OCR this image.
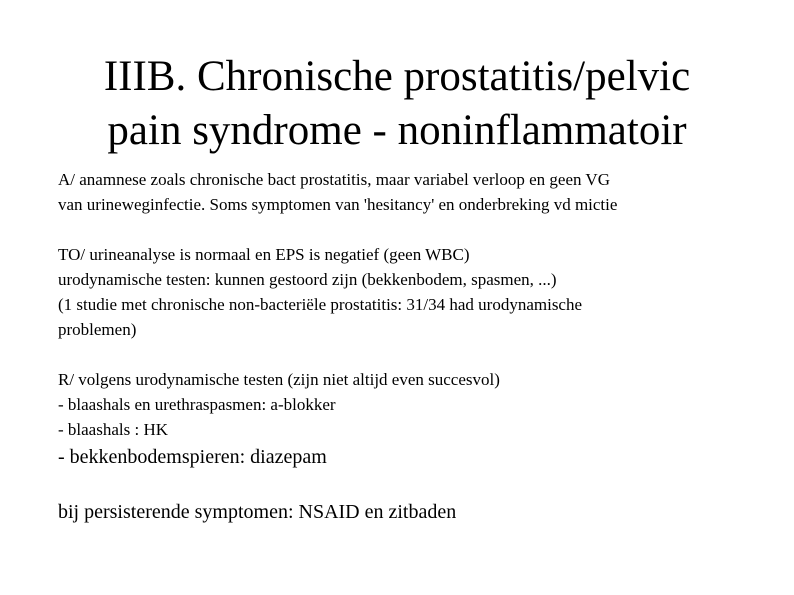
IIIB. Chronische prostatitis/pelvic
pain syndrome - noninflammatoir
A/ anamnese zoals chronische bact prostatitis, maar variabel verloop en geen VG
van urineweginfectie. Soms symptomen van 'hesitancy' en onderbreking vd mictie
TO/ urineanalyse is normaal en EPS is negatief (geen WBC)
urodynamische testen: kunnen gestoord zijn (bekkenbodem, spasmen, ...)
(1 studie met chronische non-bacteriële prostatitis: 31/34 had urodynamische
problemen)
R/ volgens urodynamische testen (zijn niet altijd even succesvol)
- blaashals en urethraspasmen: a-blokker
- blaashals : HK
- bekkenbodemspieren: diazepam
bij persisterende symptomen: NSAID en zitbaden
